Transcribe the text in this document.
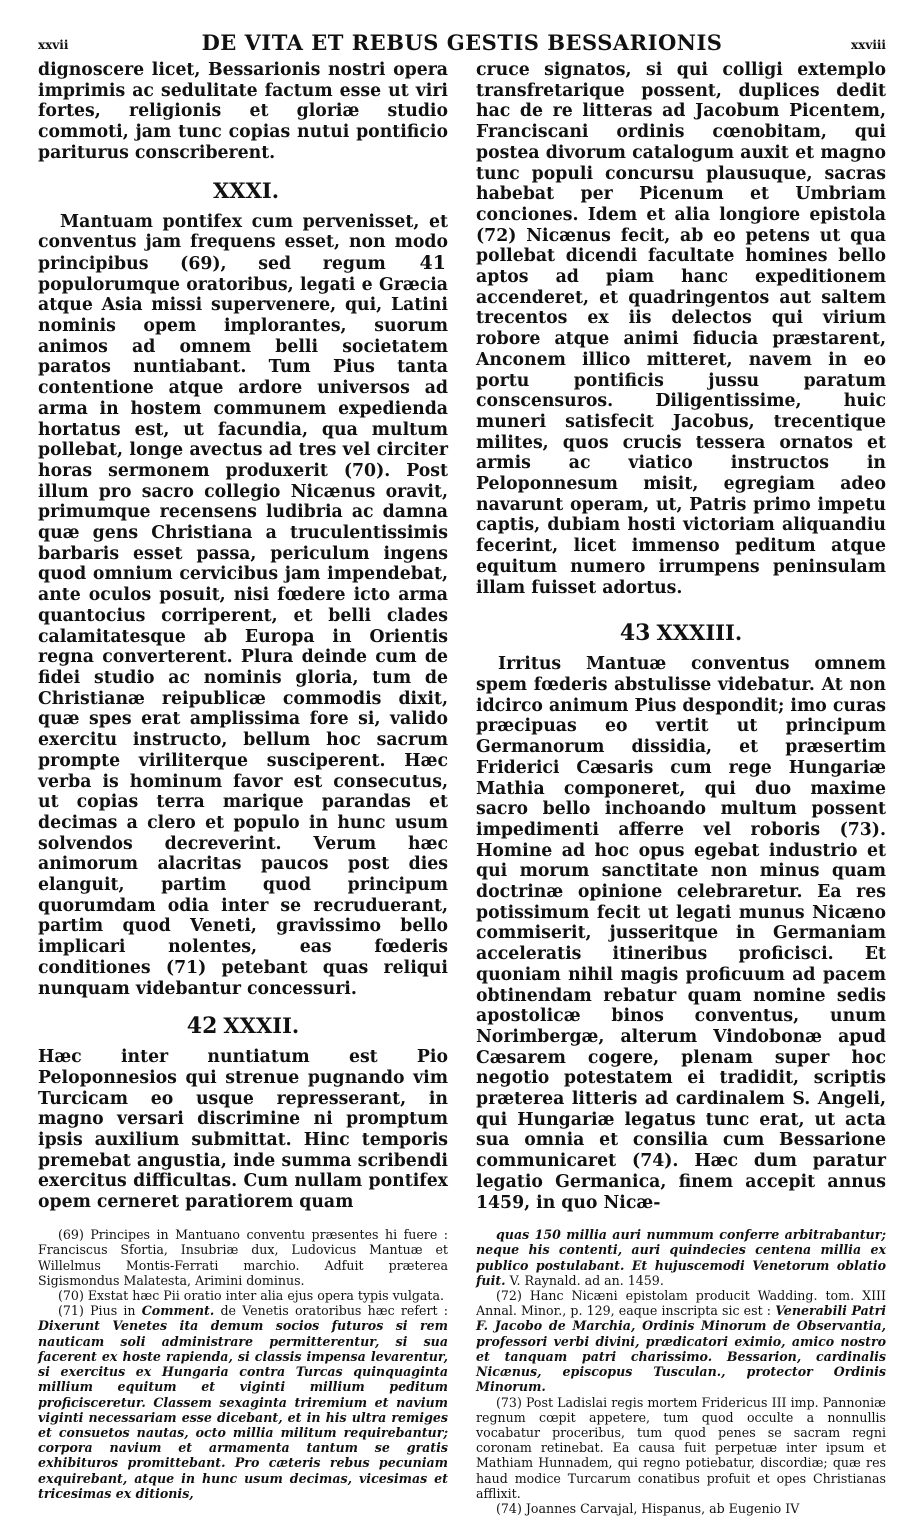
xxvii	DE VITA ET REBUS GESTIS BESSARIONIS	xxviii

dignoscere licet, Bessarionis nostri opera imprimis ac sedulitate factum esse ut viri fortes, religionis et gloriæ studio commoti, jam tunc copias nutui pontificio pariturus conscriberent.

XXXI.

Mantuam pontifex cum pervenisset, et conventus jam frequens esset, non modo principibus (69), sed regum 41 populorumque oratoribus, legati e Græcia atque Asia missi supervenere, qui, Latini nominis opem implorantes, suorum animos ad omnem belli societatem paratos nuntiabant. Tum Pius tanta contentione atque ardore universos ad arma in hostem communem expedienda hortatus est, ut facundia, qua multum pollebat, longe avectus ad tres vel circiter horas sermonem produxerit (70). Post illum pro sacro collegio Nicænus oravit, primumque recensens ludibria ac damna quæ gens Christiana a truculentissimis barbaris esset passa, periculum ingens quod omnium cervicibus jam impendebat, ante oculos posuit, nisi fœdere icto arma quantocius corriperent, et belli clades calamitatesque ab Europa in Orientis regna converterent. Plura deinde cum de fidei studio ac nominis gloria, tum de Christianæ reipublicæ commodis dixit, quæ spes erat amplissima fore si, valido exercitu instructo, bellum hoc sacrum prompte viriliterque susciperent. Hæc verba is hominum favor est consecutus, ut copias terra marique parandas et decimas a clero et populo in hunc usum solvendos decreverint. Verum hæc animorum alacritas paucos post dies elanguit, partim quod principum quorumdam odia inter se recruduerant, partim quod Veneti, gravissimo bello implicari nolentes, eas fœderis conditiones (71) petebant quas reliqui nunquam videbantur concessuri.

42 XXXII.

Hæc inter nuntiatum est Pio Peloponnesios qui strenue pugnando vim Turcicam eo usque represserant, in magno versari discrimine ni promptum ipsis auxilium submittat. Hinc temporis premebat angustia, inde summa scribendi exercitus difficultas. Cum nullam pontifex opem cerneret paratiorem quam

cruce signatos, si qui colligi extemplo transfretarique possent, duplices dedit hac de re litteras ad Jacobum Picentem, Franciscani ordinis cœnobitam, qui postea divorum catalogum auxit et magno tunc populi concursu plausuque, sacras habebat per Picenum et Umbriam conciones. Idem et alia longiore epistola (72) Nicænus fecit, ab eo petens ut qua pollebat dicendi facultate homines bello aptos ad piam hanc expeditionem accenderet, et quadringentos aut saltem trecentos ex iis delectos qui virium robore atque animi fiducia præstarent, Anconem illico mitteret, navem in eo portu pontificis jussu paratum conscensuros. Diligentissime, huic muneri satisfecit Jacobus, trecentique milites, quos crucis tessera ornatos et armis ac viatico instructos in Peloponnesum misit, egregiam adeo navarunt operam, ut, Patris primo impetu captis, dubiam hosti victoriam aliquandiu fecerint, licet immenso peditum atque equitum numero irrumpens peninsulam illam fuisset adortus.

43 XXXIII.

Irritus Mantuæ conventus omnem spem fœderis abstulisse videbatur. At non idcirco animum Pius despondit; imo curas præcipuas eo vertit ut principum Germanorum dissidia, et præsertim Friderici Cæsaris cum rege Hungariæ Mathia componeret, qui duo maxime sacro bello inchoando multum possent impedimenti afferre vel roboris (73). Homine ad hoc opus egebat industrio et qui morum sanctitate non minus quam doctrinæ opinione celebraretur. Ea res potissimum fecit ut legati munus Nicæno commiserit, jusseritque in Germaniam acceleratis itineribus proficisci. Et quoniam nihil magis proficuum ad pacem obtinendam rebatur quam nomine sedis apostolicæ binos conventus, unum Norimbergæ, alterum Vindobonæ apud Cæsarem cogere, plenam super hoc negotio potestatem ei tradidit, scriptis præterea litteris ad cardinalem S. Angeli, qui Hungariæ legatus tunc erat, ut acta sua omnia et consilia cum Bessarione communicaret (74). Hæc dum paratur legatio Germanica, finem accepit annus 1459, in quo Nicæ-

(69) Principes in Mantuano conventu præsentes hi fuere : Franciscus Sfortia, Insubriæ dux, Ludovicus Mantuæ et Willelmus Montis-Ferrati marchio. Adfuit præterea Sigismondus Malatesta, Arimini dominus.

(70) Exstat hæc Pii oratio inter alia ejus opera typis vulgata.

(71) Pius in Comment. de Venetis oratoribus hæc refert : Dixerunt Venetes ita demum socios futuros si rem nauticam soli administrare permitterentur, si sua facerent ex hoste rapienda, si classis impensa levarentur, si exercitus ex Hungaria contra Turcas quinquaginta millium equitum et viginti millium peditum proficisceretur. Classem sexaginta triremium et navium viginti necessariam esse dicebant, et in his ultra remiges et consuetos nautas, octo millia militum requirebantur; corpora navium et armamenta tantum se gratis exhibituros promittebant. Pro cæteris rebus pecuniam exquirebant, atque in hunc usum decimas, vicesimas et tricesimas ex ditionis,

quas 150 millia auri nummum conferre arbitrabantur; neque his contenti, auri quindecies centena millia ex publico postulabant. Et hujuscemodi Venetorum oblatio fuit. V. Raynald. ad an. 1459.

(72) Hanc Nicæni epistolam producit Wadding. tom. XIII Annal. Minor., p. 129, eaque inscripta sic est : Venerabili Patri F. Jacobo de Marchia, Ordinis Minorum de Observantia, professori verbi divini, prædicatori eximio, amico nostro et tanquam patri charissimo. Bessarion, cardinalis Nicænus, episcopus Tusculan., protector Ordinis Minorum.

(73) Post Ladislai regis mortem Fridericus III imp. Pannoniæ regnum cœpit appetere, tum quod occulte a nonnullis vocabatur proceribus, tum quod penes se sacram regni coronam retinebat. Ea causa fuit perpetuæ inter ipsum et Mathiam Hunnadem, qui regno potiebatur, discordiæ; quæ res haud modice Turcarum conatibus profuit et opes Christianas afflixit.

(74) Joannes Carvajal, Hispanus, ab Eugenio IV
